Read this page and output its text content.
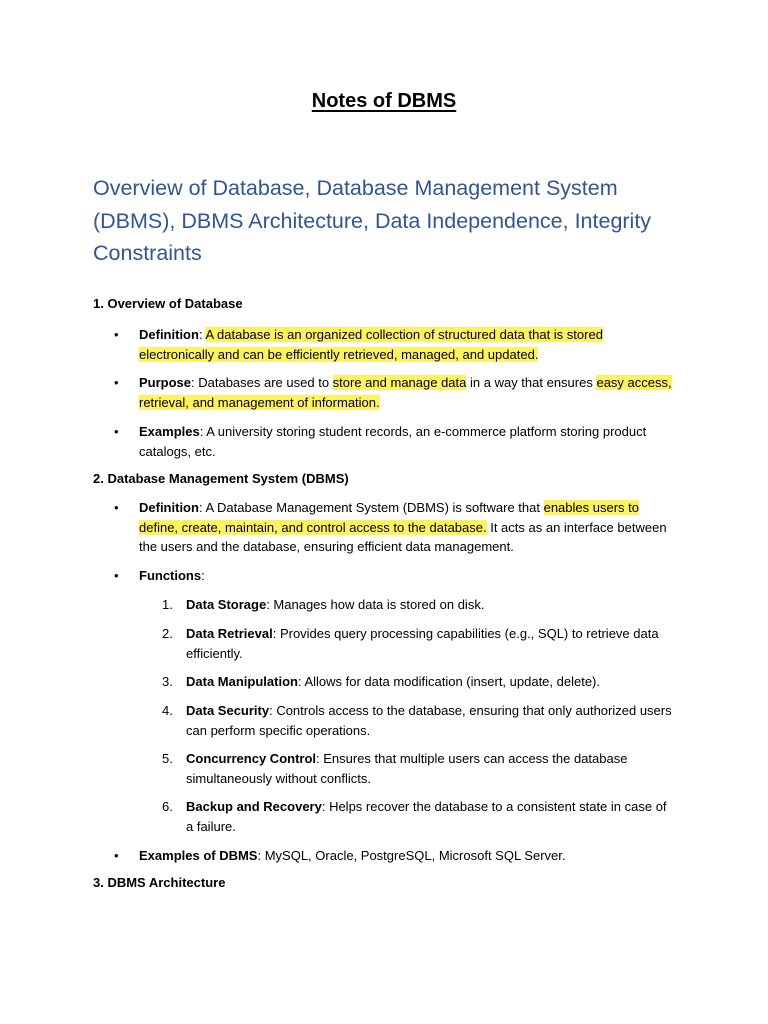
Notes of DBMS
Overview of Database, Database Management System (DBMS), DBMS Architecture, Data Independence, Integrity Constraints
1. Overview of Database
• Definition: A database is an organized collection of structured data that is stored electronically and can be efficiently retrieved, managed, and updated.
• Purpose: Databases are used to store and manage data in a way that ensures easy access, retrieval, and management of information.
• Examples: A university storing student records, an e-commerce platform storing product catalogs, etc.
2. Database Management System (DBMS)
• Definition: A Database Management System (DBMS) is software that enables users to define, create, maintain, and control access to the database. It acts as an interface between the users and the database, ensuring efficient data management.
• Functions:
1. Data Storage: Manages how data is stored on disk.
2. Data Retrieval: Provides query processing capabilities (e.g., SQL) to retrieve data efficiently.
3. Data Manipulation: Allows for data modification (insert, update, delete).
4. Data Security: Controls access to the database, ensuring that only authorized users can perform specific operations.
5. Concurrency Control: Ensures that multiple users can access the database simultaneously without conflicts.
6. Backup and Recovery: Helps recover the database to a consistent state in case of a failure.
• Examples of DBMS: MySQL, Oracle, PostgreSQL, Microsoft SQL Server.
3. DBMS Architecture
